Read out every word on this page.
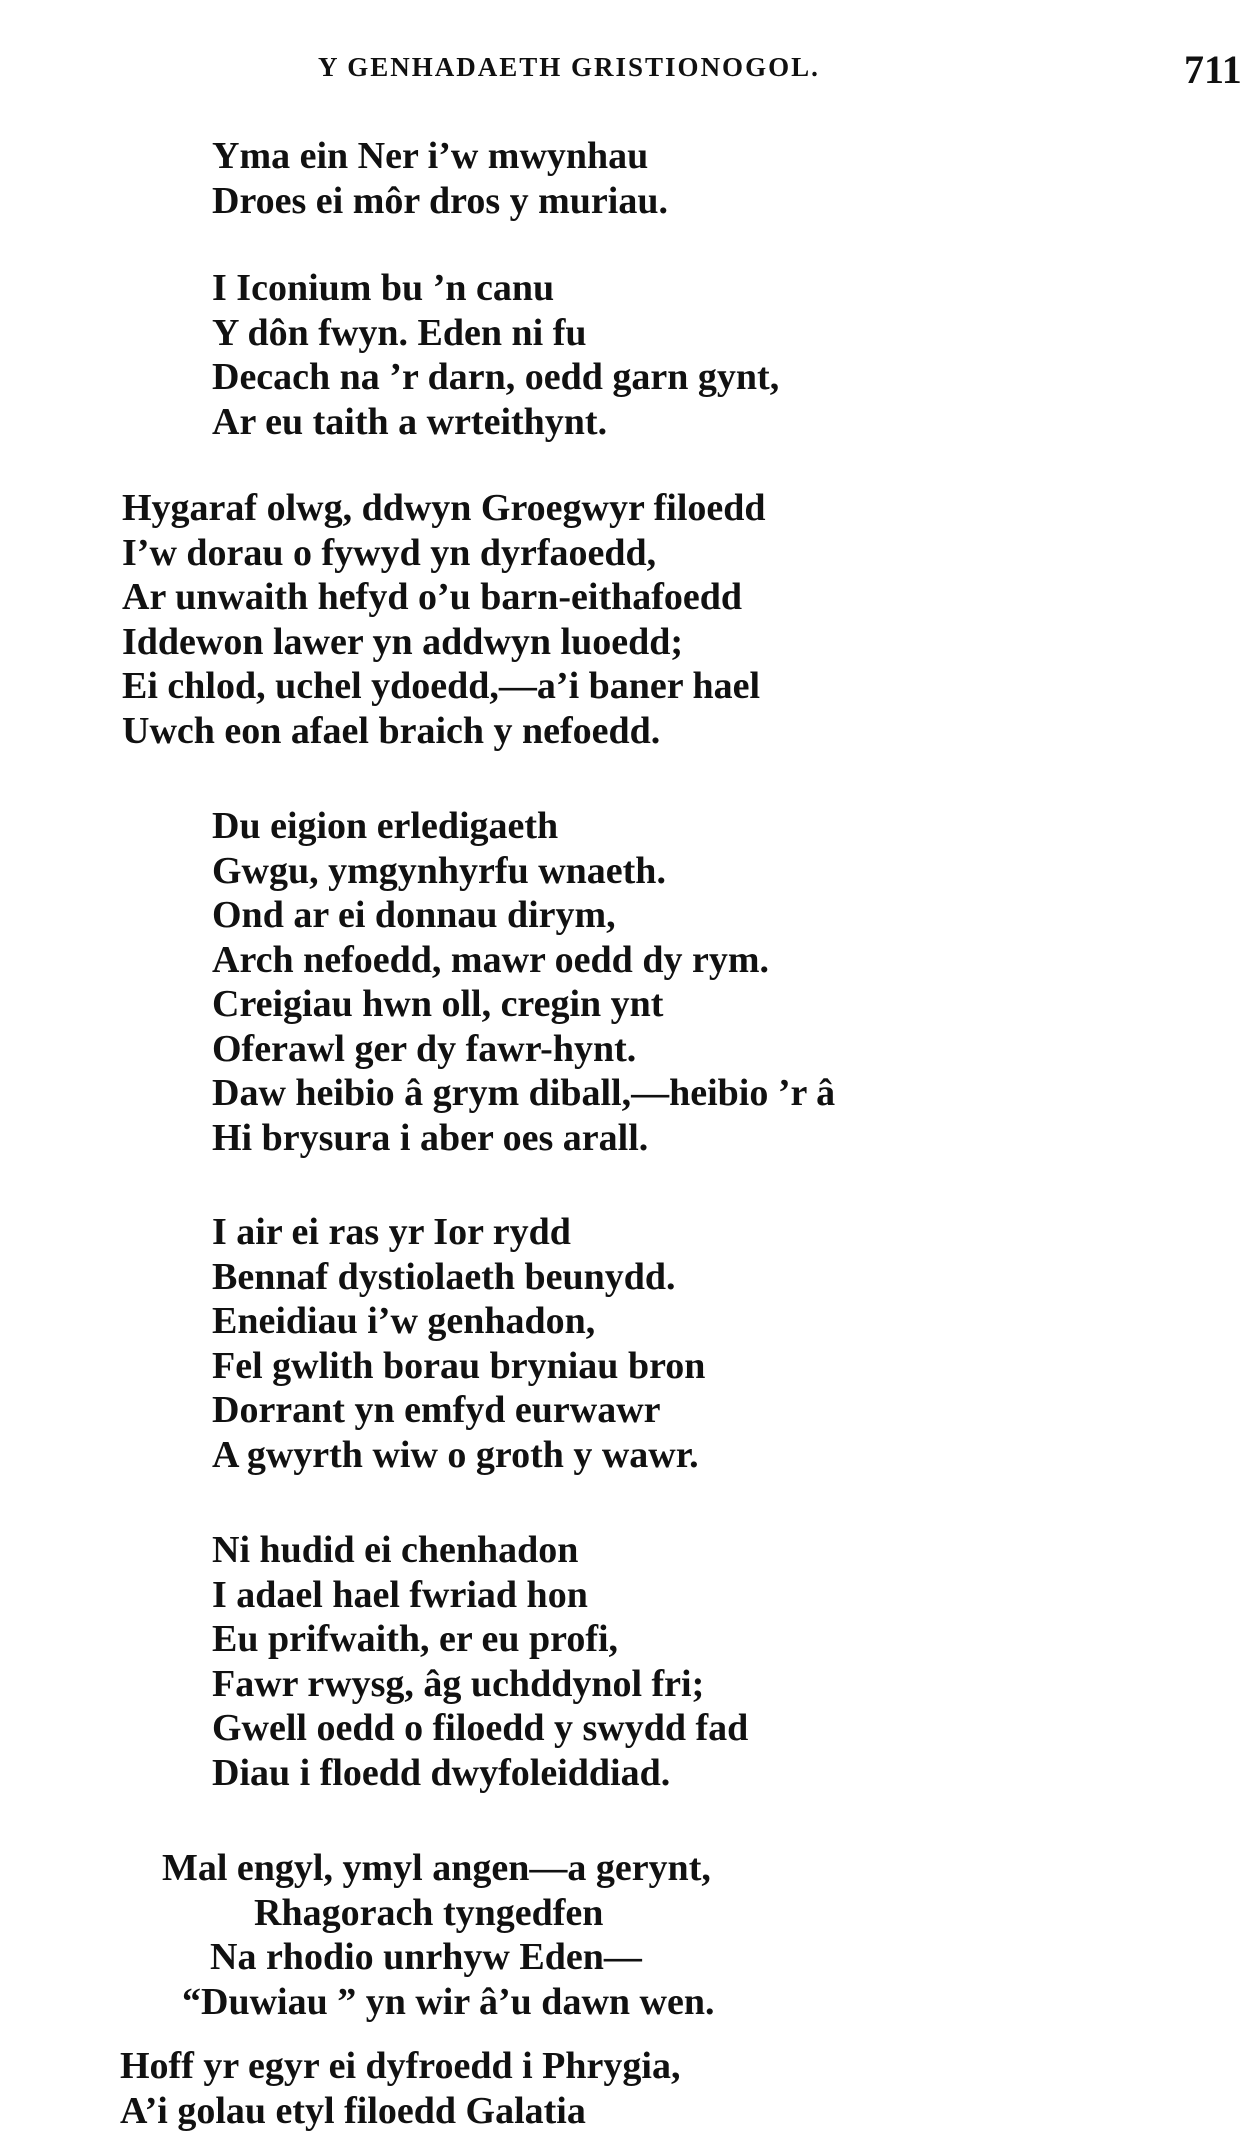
Y GENHADAETH GRISTIONOGOL.	711
Yma ein Ner i’w mwynhau
Droes ei môr dros y muriau.
I Iconium bu ’n canu
Y dôn fwyn. Eden ni fu
Decach na ’r darn, oedd garn gynt,
Ar eu taith a wrteithynt.
Hygaraf olwg, ddwyn Groegwyr filoedd
I’w dorau o fywyd yn dyrfaoedd,
Ar unwaith hefyd o’u barn-eithafoedd
Iddewon lawer yn addwyn luoedd;
Ei chlod, uchel ydoedd,—a’i baner hael
Uwch eon afael braich y nefoedd.
Du eigion erledigaeth
Gwgu, ymgynhyrfu wnaeth.
Ond ar ei donnau dirym,
Arch nefoedd, mawr oedd dy rym.
Creigiau hwn oll, cregin ynt
Oferawl ger dy fawr-hynt.
Daw heibio â grym diball,—heibio ’r â
Hi brysura i aber oes arall.
I air ei ras yr Ior rydd
Bennaf dystiolaeth beunydd.
Eneidiau i’w genhadon,
Fel gwlith borau bryniau bron
Dorrant yn emfyd eurwawr
A gwyrth wiw o groth y wawr.
Ni hudid ei chenhadon
I adael hael fwriad hon
Eu prifwaith, er eu profi,
Fawr rwysg, âg uchddynol fri;
Gwell oedd o filoedd y swydd fad
Diau i floedd dwyfoleiddiad.
Mal engyl, ymyl angen—a gerynt,
Rhagorach tyngedfen
Na rhodio unrhyw Eden—
“Duwiau ” yn wir â’u dawn wen.
Hoff yr egyr ei dyfroedd i Phrygia,
A’i golau etyl filoedd Galatia
